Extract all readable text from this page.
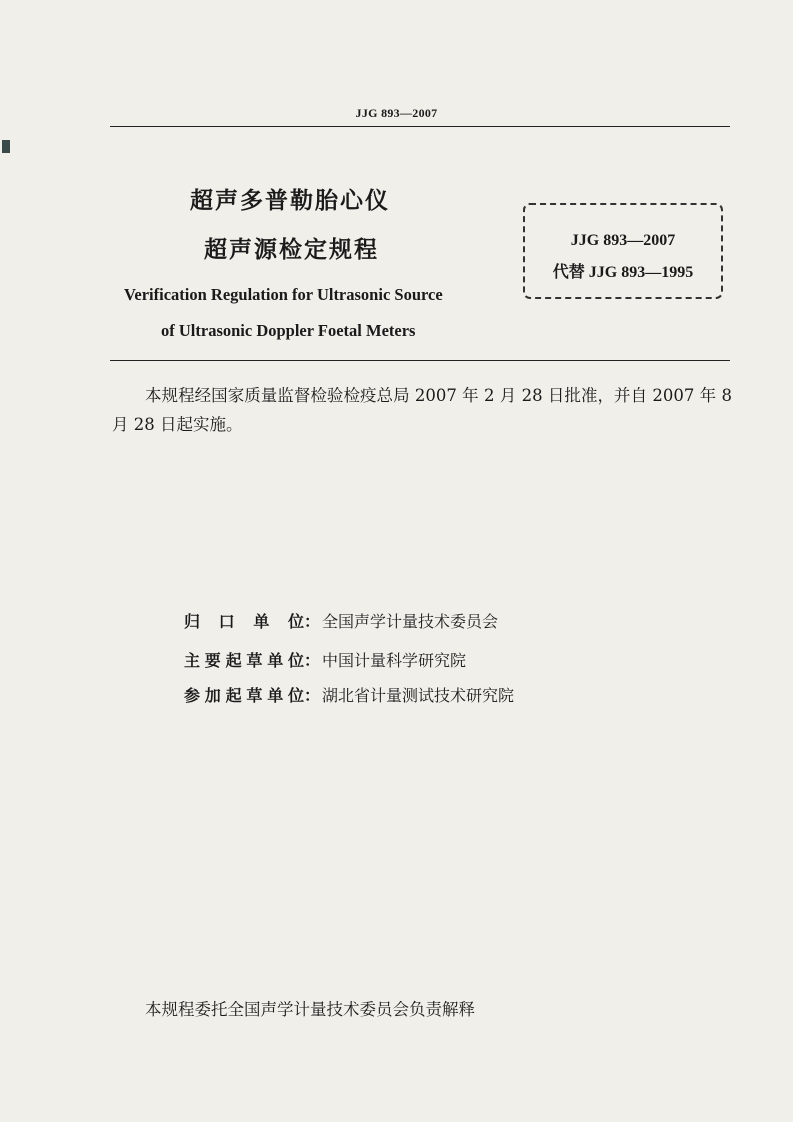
JJG 893—2007
超声多普勒胎心仪
超声源检定规程
Verification Regulation for Ultrasonic Source
of Ultrasonic Doppler Foetal Meters
JJG 893—2007
代替 JJG 893—1995
本规程经国家质量监督检验检疫总局 2007 年 2 月 28 日批准，并自 2007 年 8 月 28 日起实施。
归口单位： 全国声学计量技术委员会
主要起草单位： 中国计量科学研究院
参加起草单位： 湖北省计量测试技术研究院
本规程委托全国声学计量技术委员会负责解释
